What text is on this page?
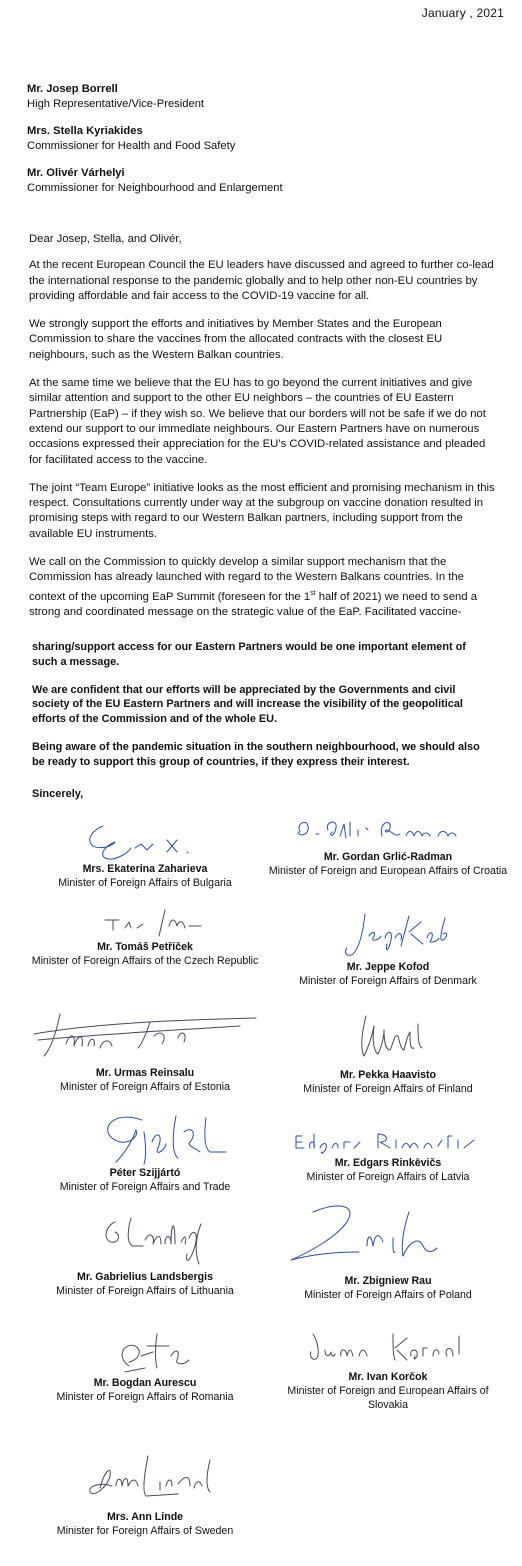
January , 2021
Mr. Josep Borrell
High Representative/Vice-President
Mrs. Stella Kyriakides
Commissioner for Health and Food Safety
Mr. Olivér Várhelyi
Commissioner for Neighbourhood and Enlargement

Dear Josep, Stella, and Olivér,

At the recent European Council the EU leaders have discussed and agreed to further co-lead the international response to the pandemic globally and to help other non-EU countries by providing affordable and fair access to the COVID-19 vaccine for all.

We strongly support the efforts and initiatives by Member States and the European Commission to share the vaccines from the allocated contracts with the closest EU neighbours, such as the Western Balkan countries.

At the same time we believe that the EU has to go beyond the current initiatives and give similar attention and support to the other EU neighbors – the countries of EU Eastern Partnership (EaP) – if they wish so. We believe that our borders will not be safe if we do not extend our support to our immediate neighbours. Our Eastern Partners have on numerous occasions expressed their appreciation for the EU’s COVID-related assistance and pleaded for facilitated access to the vaccine.

The joint “Team Europe” initiative looks as the most efficient and promising mechanism in this respect. Consultations currently under way at the subgroup on vaccine donation resulted in promising steps with regard to our Western Balkan partners, including support from the available EU instruments.

We call on the Commission to quickly develop a similar support mechanism that the Commission has already launched with regard to the Western Balkans countries. In the context of the upcoming EaP Summit (foreseen for the 1st half of 2021) we need to send a strong and coordinated message on the strategic value of the EaP. Facilitated vaccine-

sharing/support access for our Eastern Partners would be one important element of such a message.

We are confident that our efforts will be appreciated by the Governments and civil society of the EU Eastern Partners and will increase the visibility of the geopolitical efforts of the Commission and of the whole EU.

Being aware of the pandemic situation in the southern neighbourhood, we should also be ready to support this group of countries, if they express their interest.

Sincerely,
Mrs. Ekaterina Zaharieva
Minister of Foreign Affairs of Bulgaria
Mr. Gordan Grlić-Radman
Minister of Foreign and European Affairs of Croatia
Mr. Tomáš Petříček
Minister of Foreign Affairs of the Czech Republic	Mr. Jeppe Kofod
Minister of Foreign Affairs of Denmark
Mr. Urmas Reinsalu
Minister of Foreign Affairs of Estonia
Mr. Pekka Haavisto
Minister of Foreign Affairs of Finland
Péter Szijjártó
Minister of Foreign Affairs and Trade
Mr. Edgars Rinkēvičs
Minister of Foreign Affairs of Latvia
Mr. Gabrielius Landsbergis
Minister of Foreign Affairs of Lithuania
Mr. Zbigniew Rau
Minister of Foreign Affairs of Poland
Mr. Bogdan Aurescu
Minister of Foreign Affairs of Romania
Mr. Ivan Korčok
Minister of Foreign and European Affairs of Slovakia
Mrs. Ann Linde
Minister for Foreign Affairs of Sweden
